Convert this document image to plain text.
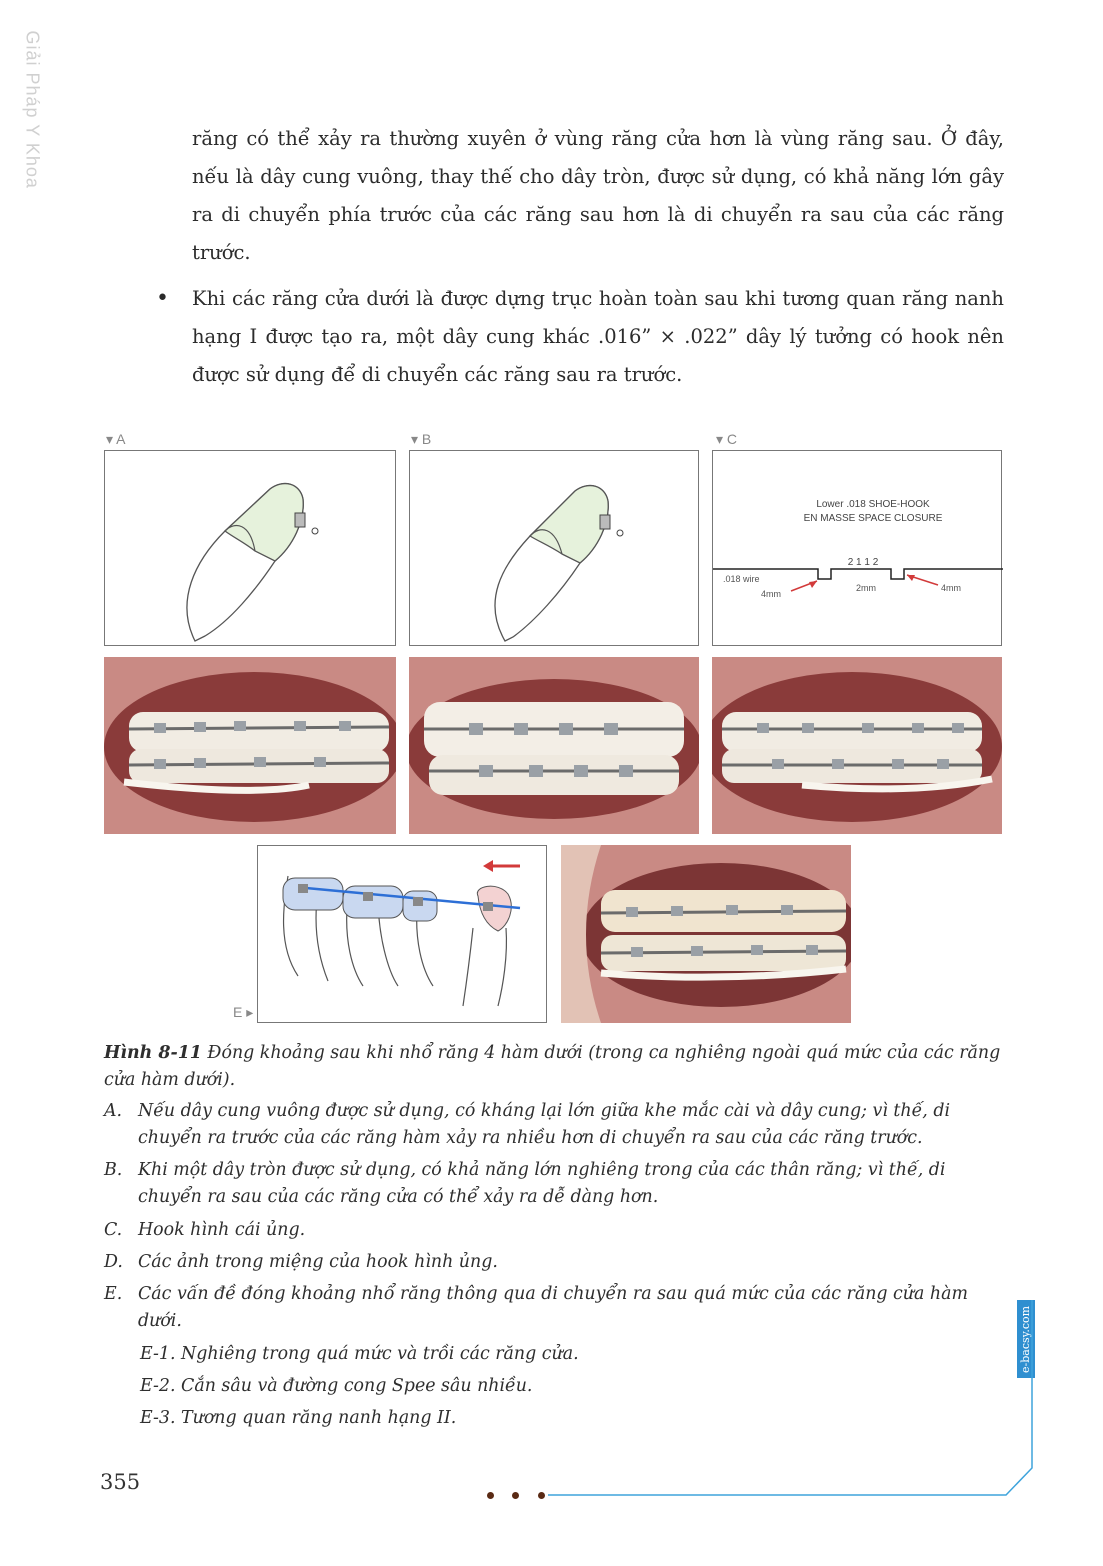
Giải Pháp Y Khoa	răng có thể xảy ra thường xuyên ở vùng răng cửa hơn là vùng răng sau. Ở đây, nếu là dây cung vuông, thay thế cho dây tròn, được sử dụng, có khả năng lớn gây ra di chuyển phía trước của các răng sau hơn là di chuyển ra sau của các răng trước.
• Khi các răng cửa dưới là được dựng trục hoàn toàn sau khi tương quan răng nanh hạng I được tạo ra, một dây cung khác .016” × .022” dây lý tưởng có hook nên được sử dụng để di chuyển các răng sau ra trước.
▾ A	▾ B	▾ C
Lower .018 SHOE-HOOK
EN MASSE SPACE CLOSURE
2 1 1 2
.018 wire
4mm
2mm	4mm
E ▸
Hình 8-11 Đóng khoảng sau khi nhổ răng 4 hàm dưới (trong ca nghiêng ngoài quá mức của các răng cửa hàm dưới).
A. Nếu dây cung vuông được sử dụng, có kháng lại lớn giữa khe mắc cài và dây cung; vì thế, di chuyển ra trước của các răng hàm xảy ra nhiều hơn di chuyển ra sau của các răng trước.
B. Khi một dây tròn được sử dụng, có khả năng lớn nghiêng trong của các thân răng; vì thế, di chuyển ra sau của các răng cửa có thể xảy ra dễ dàng hơn.
C. Hook hình cái ủng.
D. Các ảnh trong miệng của hook hình ủng.
E. Các vấn đề đóng khoảng nhổ răng thông qua di chuyển ra sau quá mức của các răng cửa hàm dưới.
E-1. Nghiêng trong quá mức và trồi các răng cửa.
E-2. Cắn sâu và đường cong Spee sâu nhiều.
E-3. Tương quan răng nanh hạng II.
e-bacsy.com
355
